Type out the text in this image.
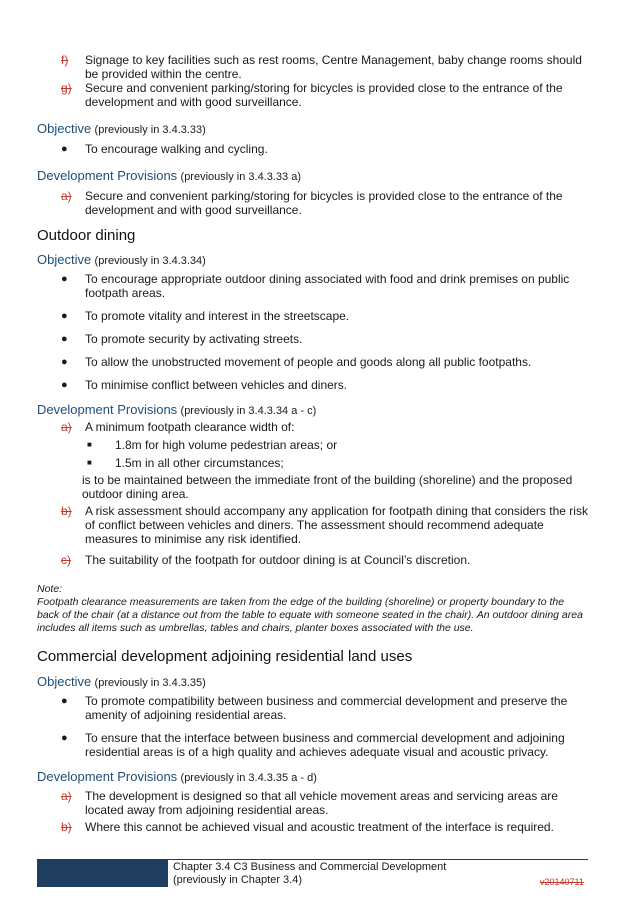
f)	Signage to key facilities such as rest rooms, Centre Management, baby change rooms should be provided within the centre.
g)	Secure and convenient parking/storing for bicycles is provided close to the entrance of the development and with good surveillance.
Objective (previously in 3.4.3.33)
●	To encourage walking and cycling.
Development Provisions (previously in 3.4.3.33 a)
a)	Secure and convenient parking/storing for bicycles is provided close to the entrance of the development and with good surveillance.
Outdoor dining
Objective (previously in 3.4.3.34)
●	To encourage appropriate outdoor dining associated with food and drink premises on public footpath areas.
●	To promote vitality and interest in the streetscape.
●	To promote security by activating streets.
●	To allow the unobstructed movement of people and goods along all public footpaths.
●	To minimise conflict between vehicles and diners.
Development Provisions (previously in 3.4.3.34 a - c)
a)	A minimum footpath clearance width of:
■	1.8m for high volume pedestrian areas; or
■	1.5m in all other circumstances;
is to be maintained between the immediate front of the building (shoreline) and the proposed outdoor dining area.
b)	A risk assessment should accompany any application for footpath dining that considers the risk of conflict between vehicles and diners. The assessment should recommend adequate measures to minimise any risk identified.
c)	The suitability of the footpath for outdoor dining is at Council’s discretion.
Note:
Footpath clearance measurements are taken from the edge of the building (shoreline) or property boundary to the back of the chair (at a distance out from the table to equate with someone seated in the chair). An outdoor dining area includes all items such as umbrellas, tables and chairs, planter boxes associated with the use.
Commercial development adjoining residential land uses
Objective (previously in 3.4.3.35)
●	To promote compatibility between business and commercial development and preserve the amenity of adjoining residential areas.
●	To ensure that the interface between business and commercial development and adjoining residential areas is of a high quality and achieves adequate visual and acoustic privacy.
Development Provisions (previously in 3.4.3.35 a - d)
a)	The development is designed so that all vehicle movement areas and servicing areas are located away from adjoining residential areas.
b)	Where this cannot be achieved visual and acoustic treatment of the interface is required.
Chapter 3.4 C3 Business and Commercial Development
(previously in Chapter 3.4)	v20140711
